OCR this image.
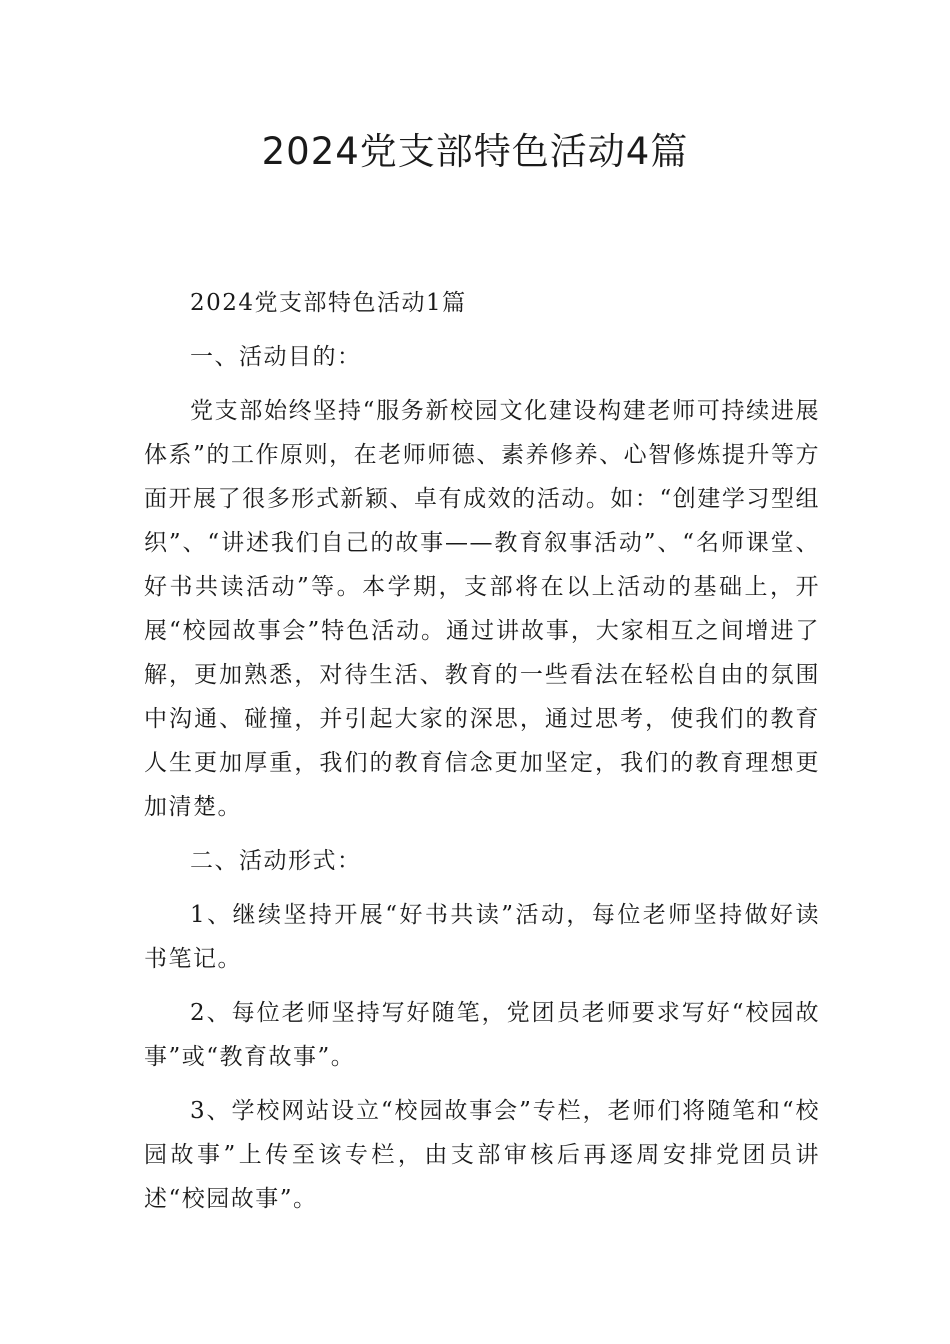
2024党支部特色活动4篇

2024党支部特色活动1篇

一、活动目的：

党支部始终坚持“服务新校园文化建设构建老师可持续进展体系”的工作原则，在老师师德、素养修养、心智修炼提升等方面开展了很多形式新颖、卓有成效的活动。如：“创建学习型组织”、“讲述我们自己的故事——教育叙事活动”、“名师课堂、好书共读活动”等。本学期，支部将在以上活动的基础上，开展“校园故事会”特色活动。通过讲故事，大家相互之间增进了解，更加熟悉，对待生活、教育的一些看法在轻松自由的氛围中沟通、碰撞，并引起大家的深思，通过思考，使我们的教育人生更加厚重，我们的教育信念更加坚定，我们的教育理想更加清楚。

二、活动形式：

1、继续坚持开展“好书共读”活动，每位老师坚持做好读书笔记。

2、每位老师坚持写好随笔，党团员老师要求写好“校园故事”或“教育故事”。

3、学校网站设立“校园故事会”专栏，老师们将随笔和“校园故事”上传至该专栏，由支部审核后再逐周安排党团员讲述“校园故事”。
